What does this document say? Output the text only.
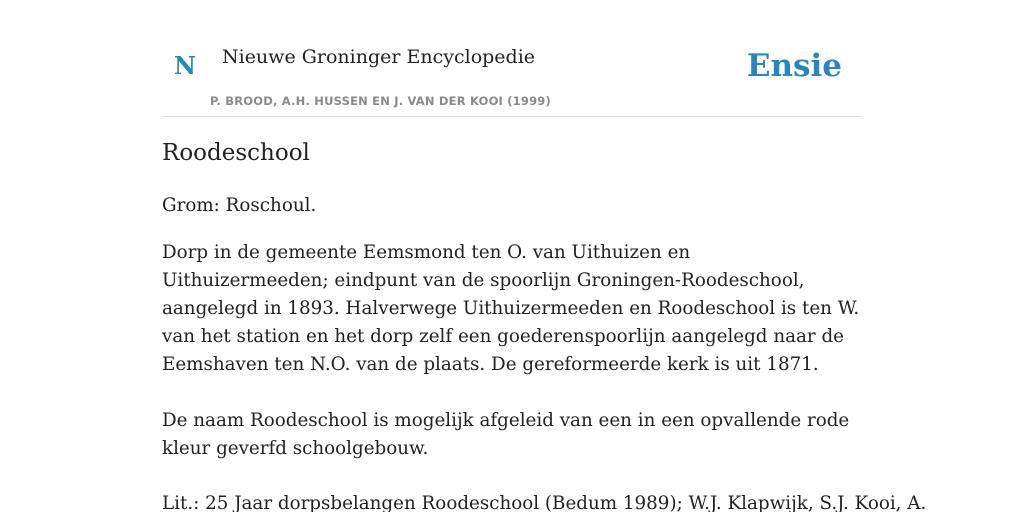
N Nieuwe Groninger Encyclopedie
P. BROOD, A.H. HUSSEN EN J. VAN DER KOOI (1999)
Ensie
Roodeschool

Grom: Roschoul.

Dorp in de gemeente Eemsmond ten O. van Uithuizen en Uithuizermeeden; eindpunt van de spoorlijn Groningen-Roodeschool, aangelegd in 1893. Halverwege Uithuizermeeden en Roodeschool is ten W. van het station en het dorp zelf een goederenspoorlijn aangelegd naar de Eemshaven ten N.O. van de plaats. De gereformeerde kerk is uit 1871.

De naam Roodeschool is mogelijk afgeleid van een in een opvallende rode kleur geverfd schoolgebouw.

Lit.: 25 Jaar dorpsbelangen Roodeschool (Bedum 1989); W.J. Klapwijk, S.J. Kooi, A.
